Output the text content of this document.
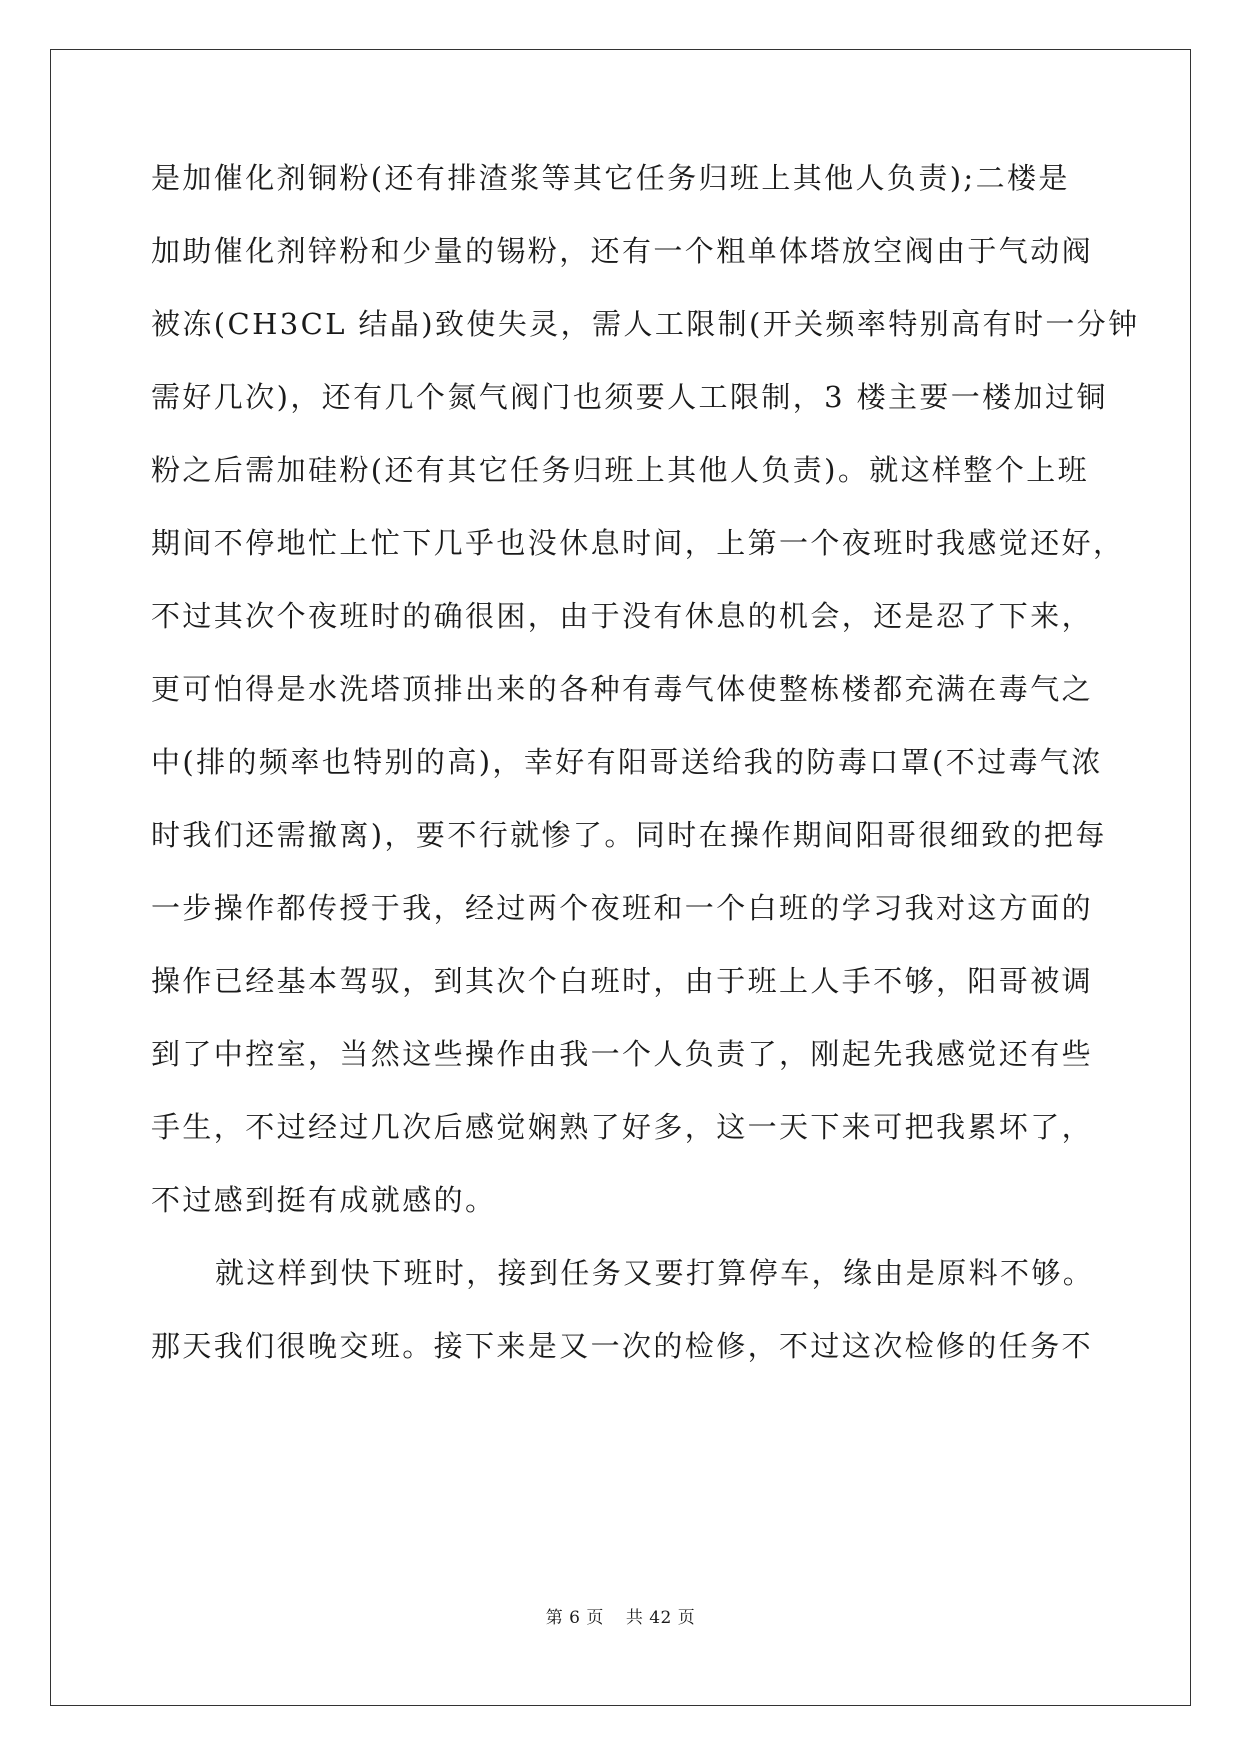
是加催化剂铜粉(还有排渣浆等其它任务归班上其他人负责);二楼是
加助催化剂锌粉和少量的锡粉，还有一个粗单体塔放空阀由于气动阀
被冻(CH3CL 结晶)致使失灵，需人工限制(开关频率特别高有时一分钟
需好几次)，还有几个氮气阀门也须要人工限制，3 楼主要一楼加过铜
粉之后需加硅粉(还有其它任务归班上其他人负责)。就这样整个上班
期间不停地忙上忙下几乎也没休息时间，上第一个夜班时我感觉还好，
不过其次个夜班时的确很困，由于没有休息的机会，还是忍了下来，
更可怕得是水洗塔顶排出来的各种有毒气体使整栋楼都充满在毒气之
中(排的频率也特别的高)，幸好有阳哥送给我的防毒口罩(不过毒气浓
时我们还需撤离)，要不行就惨了。同时在操作期间阳哥很细致的把每
一步操作都传授于我，经过两个夜班和一个白班的学习我对这方面的
操作已经基本驾驭，到其次个白班时，由于班上人手不够，阳哥被调
到了中控室，当然这些操作由我一个人负责了，刚起先我感觉还有些
手生，不过经过几次后感觉娴熟了好多，这一天下来可把我累坏了，
不过感到挺有成就感的。
就这样到快下班时，接到任务又要打算停车，缘由是原料不够。
那天我们很晚交班。接下来是又一次的检修，不过这次检修的任务不
第 6 页 共 42 页
